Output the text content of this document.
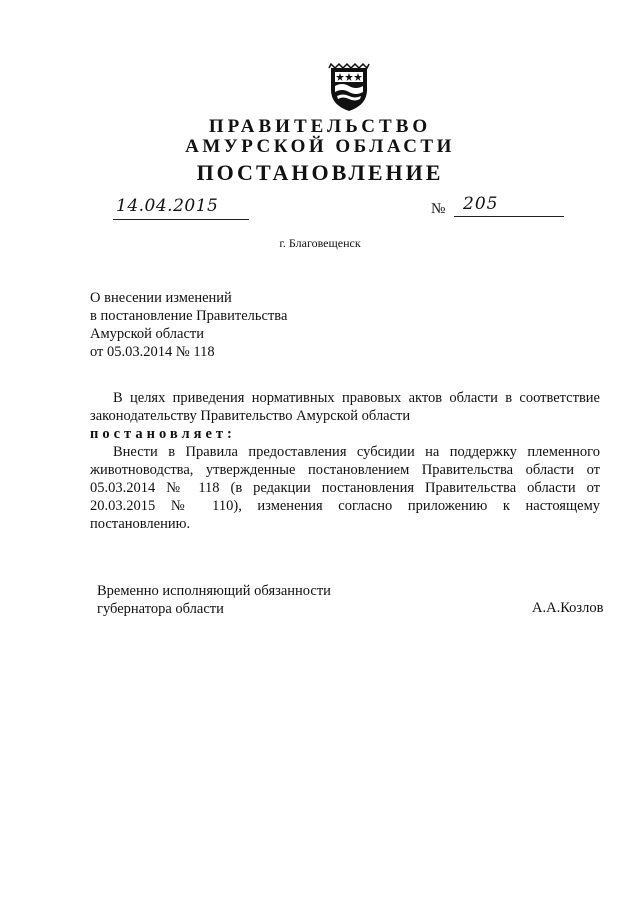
ПРАВИТЕЛЬСТВО
АМУРСКОЙ ОБЛАСТИ
ПОСТАНОВЛЕНИЕ
14.04.2015	№ 205
г. Благовещенск
О внесении изменений
в постановление Правительства
Амурской области
от 05.03.2014 № 118
В целях приведения нормативных правовых актов области в соответствие законодательству Правительство Амурской области
постановляет:
Внести в Правила предоставления субсидии на поддержку племенного животноводства, утвержденные постановлением Правительства области от 05.03.2014 № 118 (в редакции постановления Правительства области от 20.03.2015 № 110), изменения согласно приложению к настоящему постановлению.
Временно исполняющий обязанности
губернатора области	А.А.Козлов
